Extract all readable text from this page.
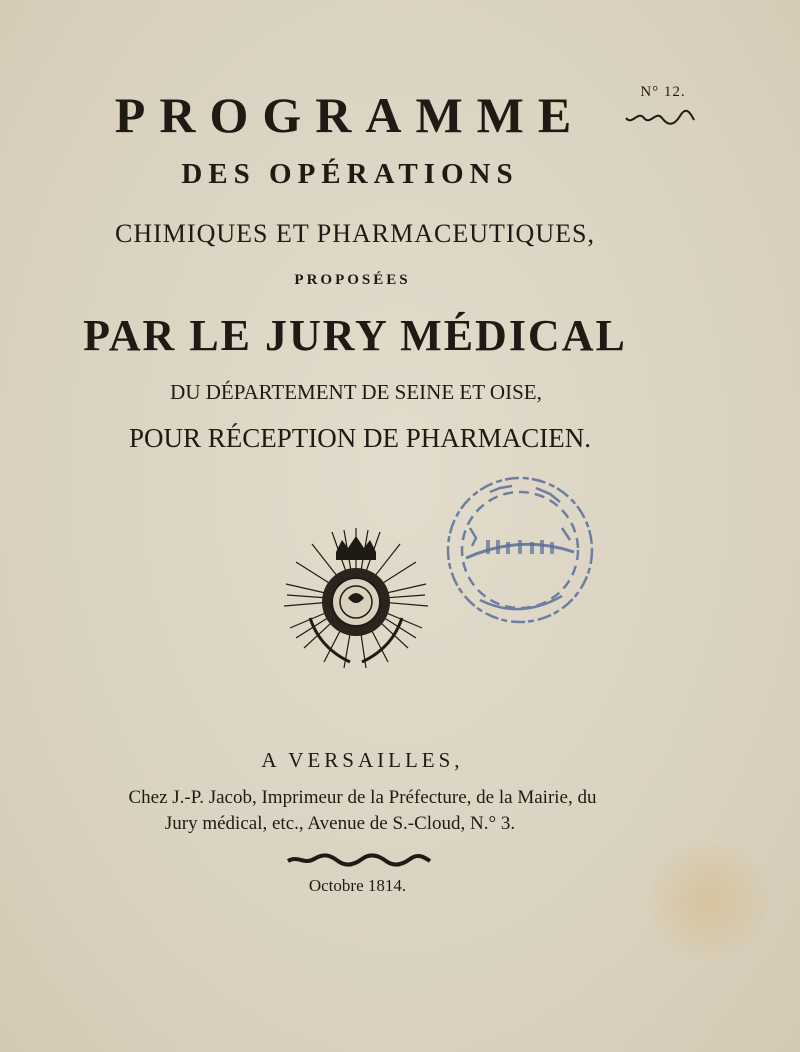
N° 12.
PROGRAMME
DES OPÉRATIONS
CHIMIQUES ET PHARMACEUTIQUES,
PROPOSÉES
PAR LE JURY MÉDICAL
DU DÉPARTEMENT DE SEINE ET OISE,
POUR RÉCEPTION DE PHARMACIEN.
A VERSAILLES,
Chez J.-P. Jacob, Imprimeur de la Préfecture, de la Mairie, du
Jury médical, etc., Avenue de S.-Cloud, N.° 3.
Octobre 1814.
